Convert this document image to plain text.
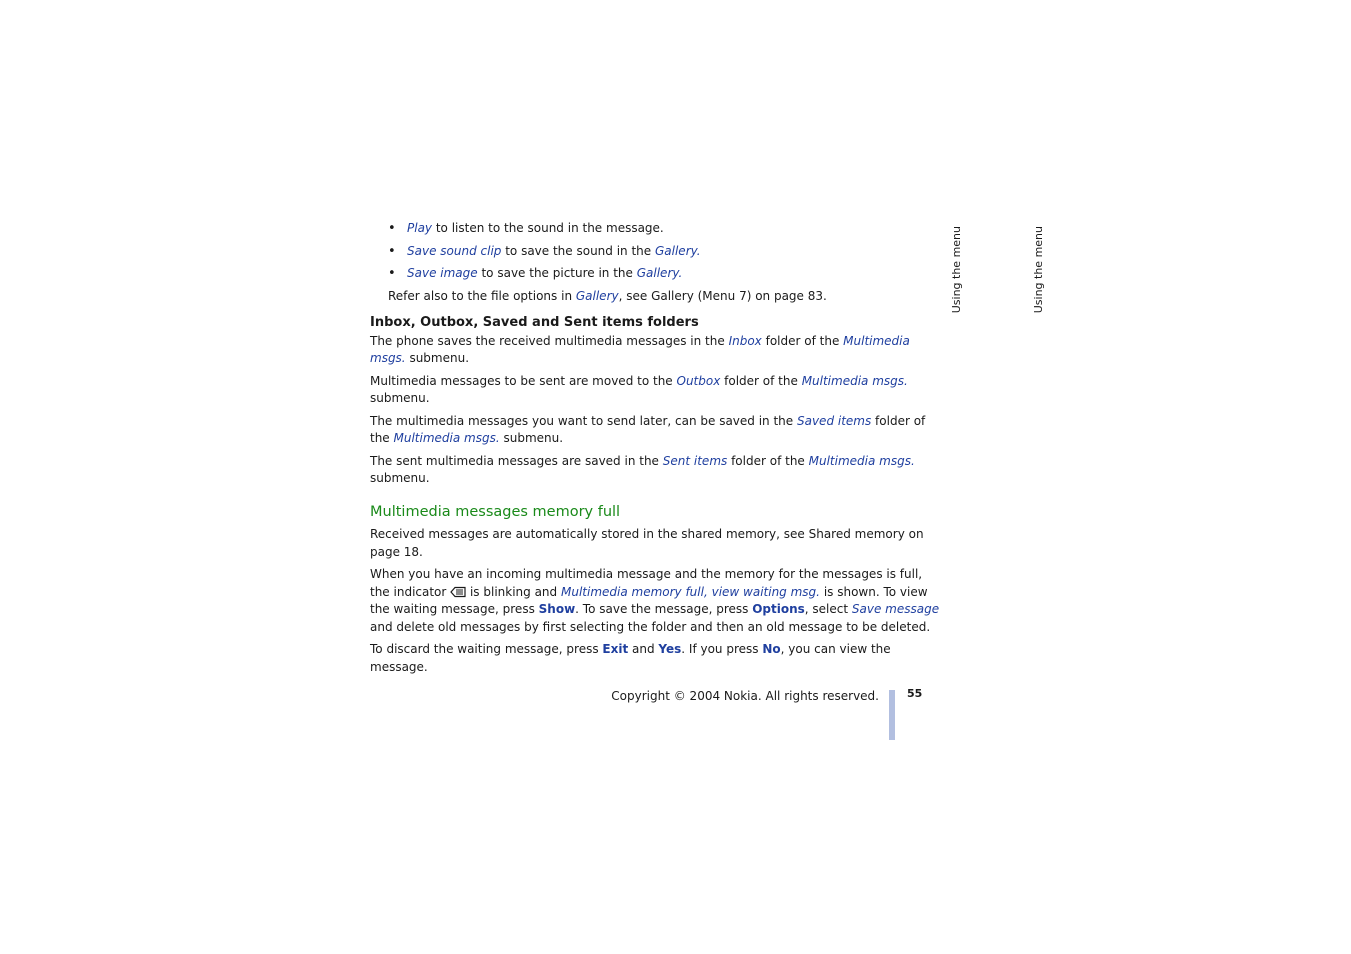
• Play to listen to the sound in the message.
• Save sound clip to save the sound in the Gallery.
• Save image to save the picture in the Gallery.

Refer also to the file options in Gallery, see Gallery (Menu 7) on page 83.

Inbox, Outbox, Saved and Sent items folders

The phone saves the received multimedia messages in the Inbox folder of the Multimedia msgs. submenu.

Multimedia messages to be sent are moved to the Outbox folder of the Multimedia msgs. submenu.

The multimedia messages you want to send later, can be saved in the Saved items folder of the Multimedia msgs. submenu.

The sent multimedia messages are saved in the Sent items folder of the Multimedia msgs. submenu.

Multimedia messages memory full

Received messages are automatically stored in the shared memory, see Shared memory on page 18.

When you have an incoming multimedia message and the memory for the messages is full, the indicator  is blinking and Multimedia memory full, view waiting msg. is shown. To view the waiting message, press Show. To save the message, press Options, select Save message and delete old messages by first selecting the folder and then an old message to be deleted.

To discard the waiting message, press Exit and Yes. If you press No, you can view the message.

Using the menu	Using the menu
Copyright © 2004 Nokia. All rights reserved.	55
